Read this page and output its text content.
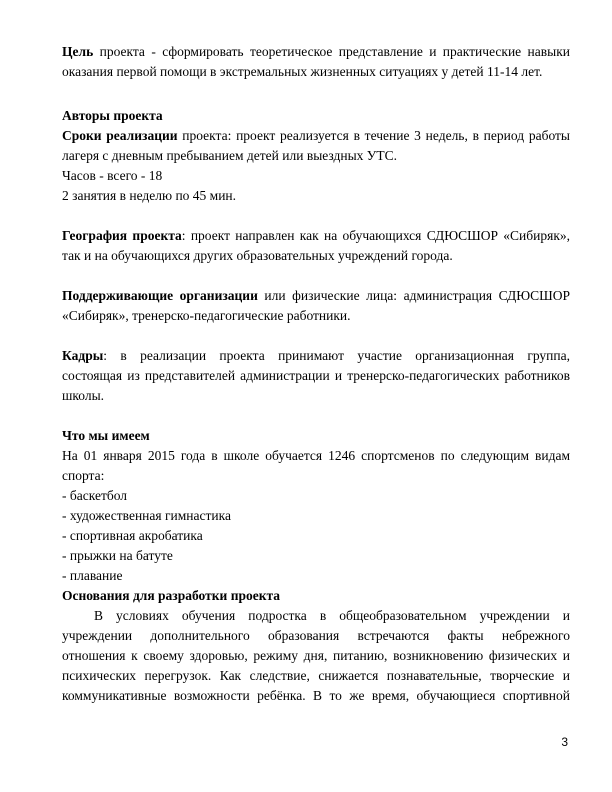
Цель проекта - сформировать теоретическое представление и практические навыки
оказания первой помощи в экстремальных жизненных ситуациях у детей 11-14 лет.
Авторы проекта
Сроки реализации проекта: проект реализуется в течение 3 недель, в период работы
лагеря с дневным пребыванием детей или выездных УТС.
Часов - всего - 18
2 занятия в неделю по 45 мин.
География проекта: проект направлен как на обучающихся СДЮСШОР «Сибиряк»,
так и на обучающихся других образовательных учреждений города.
Поддерживающие организации или физические лица: администрация СДЮСШОР
«Сибиряк», тренерско-педагогические работники.
Кадры: в реализации проекта принимают участие организационная группа,
состоящая из представителей администрации и тренерско-педагогических работников
школы.
Что мы имеем
На 01 января 2015 года в школе обучается 1246 спортсменов по следующим видам
спорта:
- баскетбол
- художественная гимнастика
- спортивная акробатика
- прыжки на батуте
- плавание
Основания для разработки проекта
В условиях обучения подростка в общеобразовательном учреждении и
учреждении дополнительного образования встречаются факты небрежного
отношения к своему здоровью, режиму дня, питанию, возникновению физических и
психических перегрузок. Как следствие, снижается познавательные, творческие и
коммуникативные возможности ребёнка. В то же время, обучающиеся спортивной
3
